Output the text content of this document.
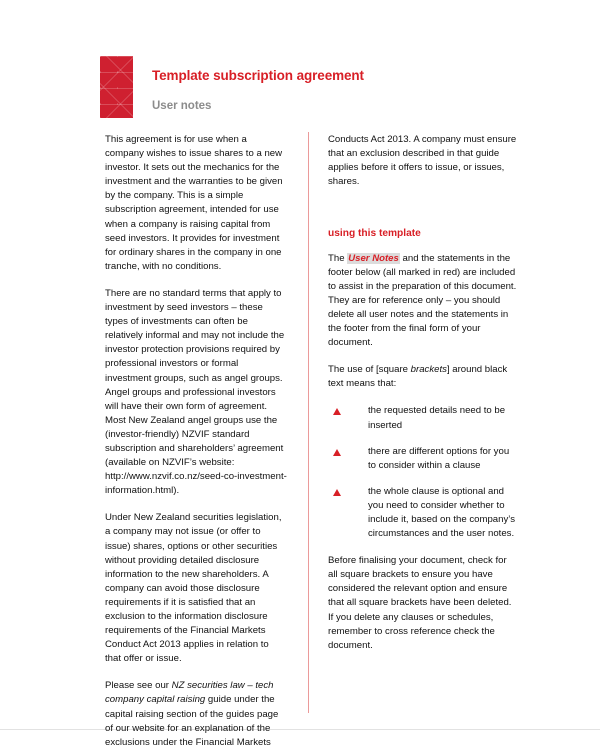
Template subscription agreement
User notes

This agreement is for use when a company wishes to issue shares to a new investor. It sets out the mechanics for the investment and the warranties to be given by the company. This is a simple subscription agreement, intended for use when a company is raising capital from seed investors. It provides for investment for ordinary shares in the company in one tranche, with no conditions.

There are no standard terms that apply to investment by seed investors – these types of investments can often be relatively informal and may not include the investor protection provisions required by professional investors or formal investment groups, such as angel groups. Angel groups and professional investors will have their own form of agreement. Most New Zealand angel groups use the (investor-friendly) NZVIF standard subscription and shareholders’ agreement (available on NZVIF’s website: http://www.nzvif.co.nz/seed-co-investment-information.html).

Under New Zealand securities legislation, a company may not issue (or offer to issue) shares, options or other securities without providing detailed disclosure information to the new shareholders. A company can avoid those disclosure requirements if it is satisfied that an exclusion to the information disclosure requirements of the Financial Markets Conduct Act 2013 applies in relation to that offer or issue.

Please see our NZ securities law – tech company capital raising guide under the capital raising section of the guides page of our website for an explanation of the exclusions under the Financial Markets

Conducts Act 2013. A company must ensure that an exclusion described in that guide applies before it offers to issue, or issues, shares.

using this template

The User Notes and the statements in the footer below (all marked in red) are included to assist in the preparation of this document. They are for reference only – you should delete all user notes and the statements in the footer from the final form of your document.

The use of [square brackets] around black text means that:

the requested details need to be inserted
there are different options for you to consider within a clause
the whole clause is optional and you need to consider whether to include it, based on the company’s circumstances and the user notes.

Before finalising your document, check for all square brackets to ensure you have considered the relevant option and ensure that all square brackets have been deleted. If you delete any clauses or schedules, remember to cross reference check the document.
